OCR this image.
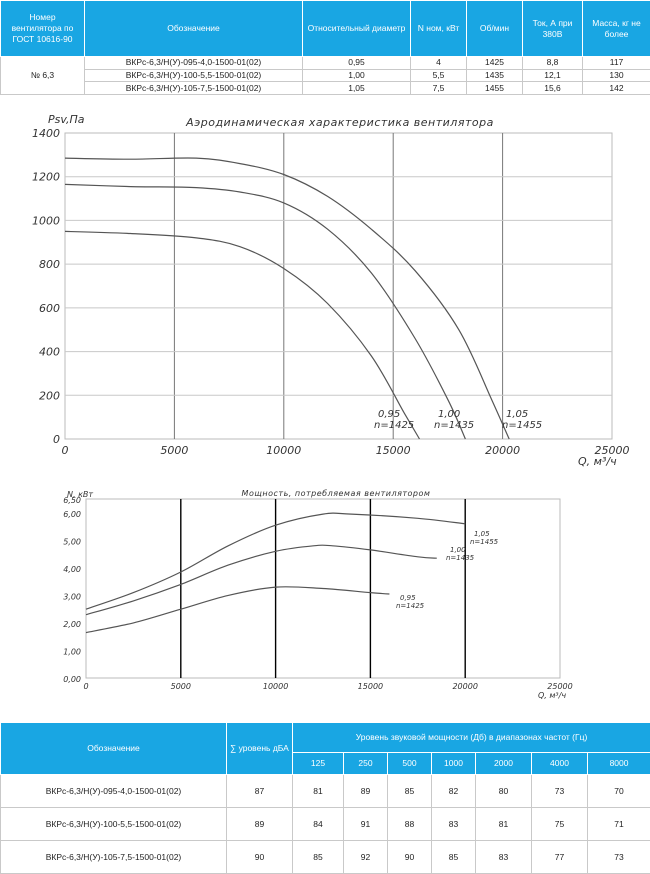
Номер вентилятора по ГОСТ 10616-90	Обозначение	Относительный диаметр	N ном, кВт	Об/мин	Ток, А при 380В	Масса, кг не более
№ 6,3	ВКРс-6,3/Н(У)-095-4,0-1500-01(02)	0,95	4	1425	8,8	117
	ВКРс-6,3/Н(У)-100-5,5-1500-01(02)	1,00	5,5	1435	12,1	130
	ВКРс-6,3/Н(У)-105-7,5-1500-01(02)	1,05	7,5	1455	15,6	142
0	5000	10000	15000	20000	25000
0
200
400
600
800
1000
1200
1400
Аэродинамическая характеристика вентилятора
Psv,Па
Q, м³/ч
0,95
n=1425
1,00
n=1435
1,05
n=1455
0	5000	10000	15000	20000	25000
0,00
1,00
2,00
3,00
4,00
5,00
6,00
6,50
Мощность, потребляемая вентилятором
N, кВт
Q, м³/ч
0,95
n=1425
1,00
n=1435
1,05
n=1455
Обозначение	∑ уровень дБА	Уровень звуковой мощности (Дб) в диапазонах частот (Гц)						
		125	250	500	1000	2000	4000	8000
ВКРс-6,3/Н(У)-095-4,0-1500-01(02)	87	81	89	85	82	80	73	70
ВКРс-6,3/Н(У)-100-5,5-1500-01(02)	89	84	91	88	83	81	75	71
ВКРс-6,3/Н(У)-105-7,5-1500-01(02)	90	85	92	90	85	83	77	73
